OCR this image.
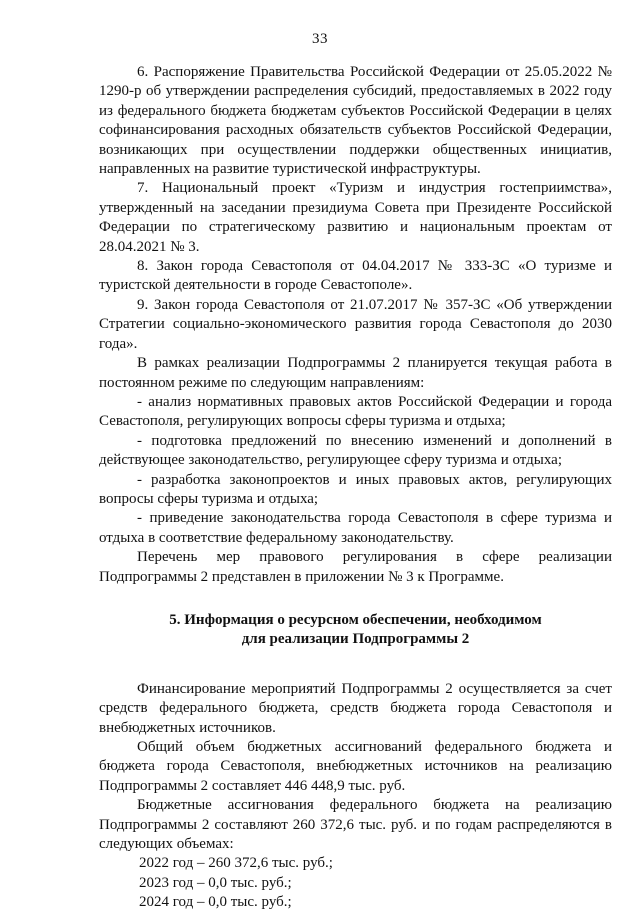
33

6. Распоряжение Правительства Российской Федерации от 25.05.2022 № 1290-р об утверждении распределения субсидий, предоставляемых в 2022 году из федерального бюджета бюджетам субъектов Российской Федерации в целях софинансирования расходных обязательств субъектов Российской Федерации, возникающих при осуществлении поддержки общественных инициатив, направленных на развитие туристической инфраструктуры.

7. Национальный проект «Туризм и индустрия гостеприимства», утвержденный на заседании президиума Совета при Президенте Российской Федерации по стратегическому развитию и национальным проектам от 28.04.2021 № 3.

8. Закон города Севастополя от 04.04.2017 № 333-ЗС «О туризме и туристской деятельности в городе Севастополе».

9. Закон города Севастополя от 21.07.2017 № 357-ЗС «Об утверждении Стратегии социально-экономического развития города Севастополя до 2030 года».

В рамках реализации Подпрограммы 2 планируется текущая работа в постоянном режиме по следующим направлениям:

- анализ нормативных правовых актов Российской Федерации и города Севастополя, регулирующих вопросы сферы туризма и отдыха;

- подготовка предложений по внесению изменений и дополнений в действующее законодательство, регулирующее сферу туризма и отдыха;

- разработка законопроектов и иных правовых актов, регулирующих вопросы сферы туризма и отдыха;

- приведение законодательства города Севастополя в сфере туризма и отдыха в соответствие федеральному законодательству.

Перечень мер правового регулирования в сфере реализации Подпрограммы 2 представлен в приложении № 3 к Программе.

5. Информация о ресурсном обеспечении, необходимом
для реализации Подпрограммы 2

Финансирование мероприятий Подпрограммы 2 осуществляется за счет средств федерального бюджета, средств бюджета города Севастополя и внебюджетных источников.

Общий объем бюджетных ассигнований федерального бюджета и бюджета города Севастополя, внебюджетных источников на реализацию Подпрограммы 2 составляет 446 448,9 тыс. руб.

Бюджетные ассигнования федерального бюджета на реализацию Подпрограммы 2 составляют 260 372,6 тыс. руб. и по годам распределяются в следующих объемах:

2022 год – 260 372,6 тыс. руб.;

2023 год – 0,0 тыс. руб.;

2024 год – 0,0 тыс. руб.;
